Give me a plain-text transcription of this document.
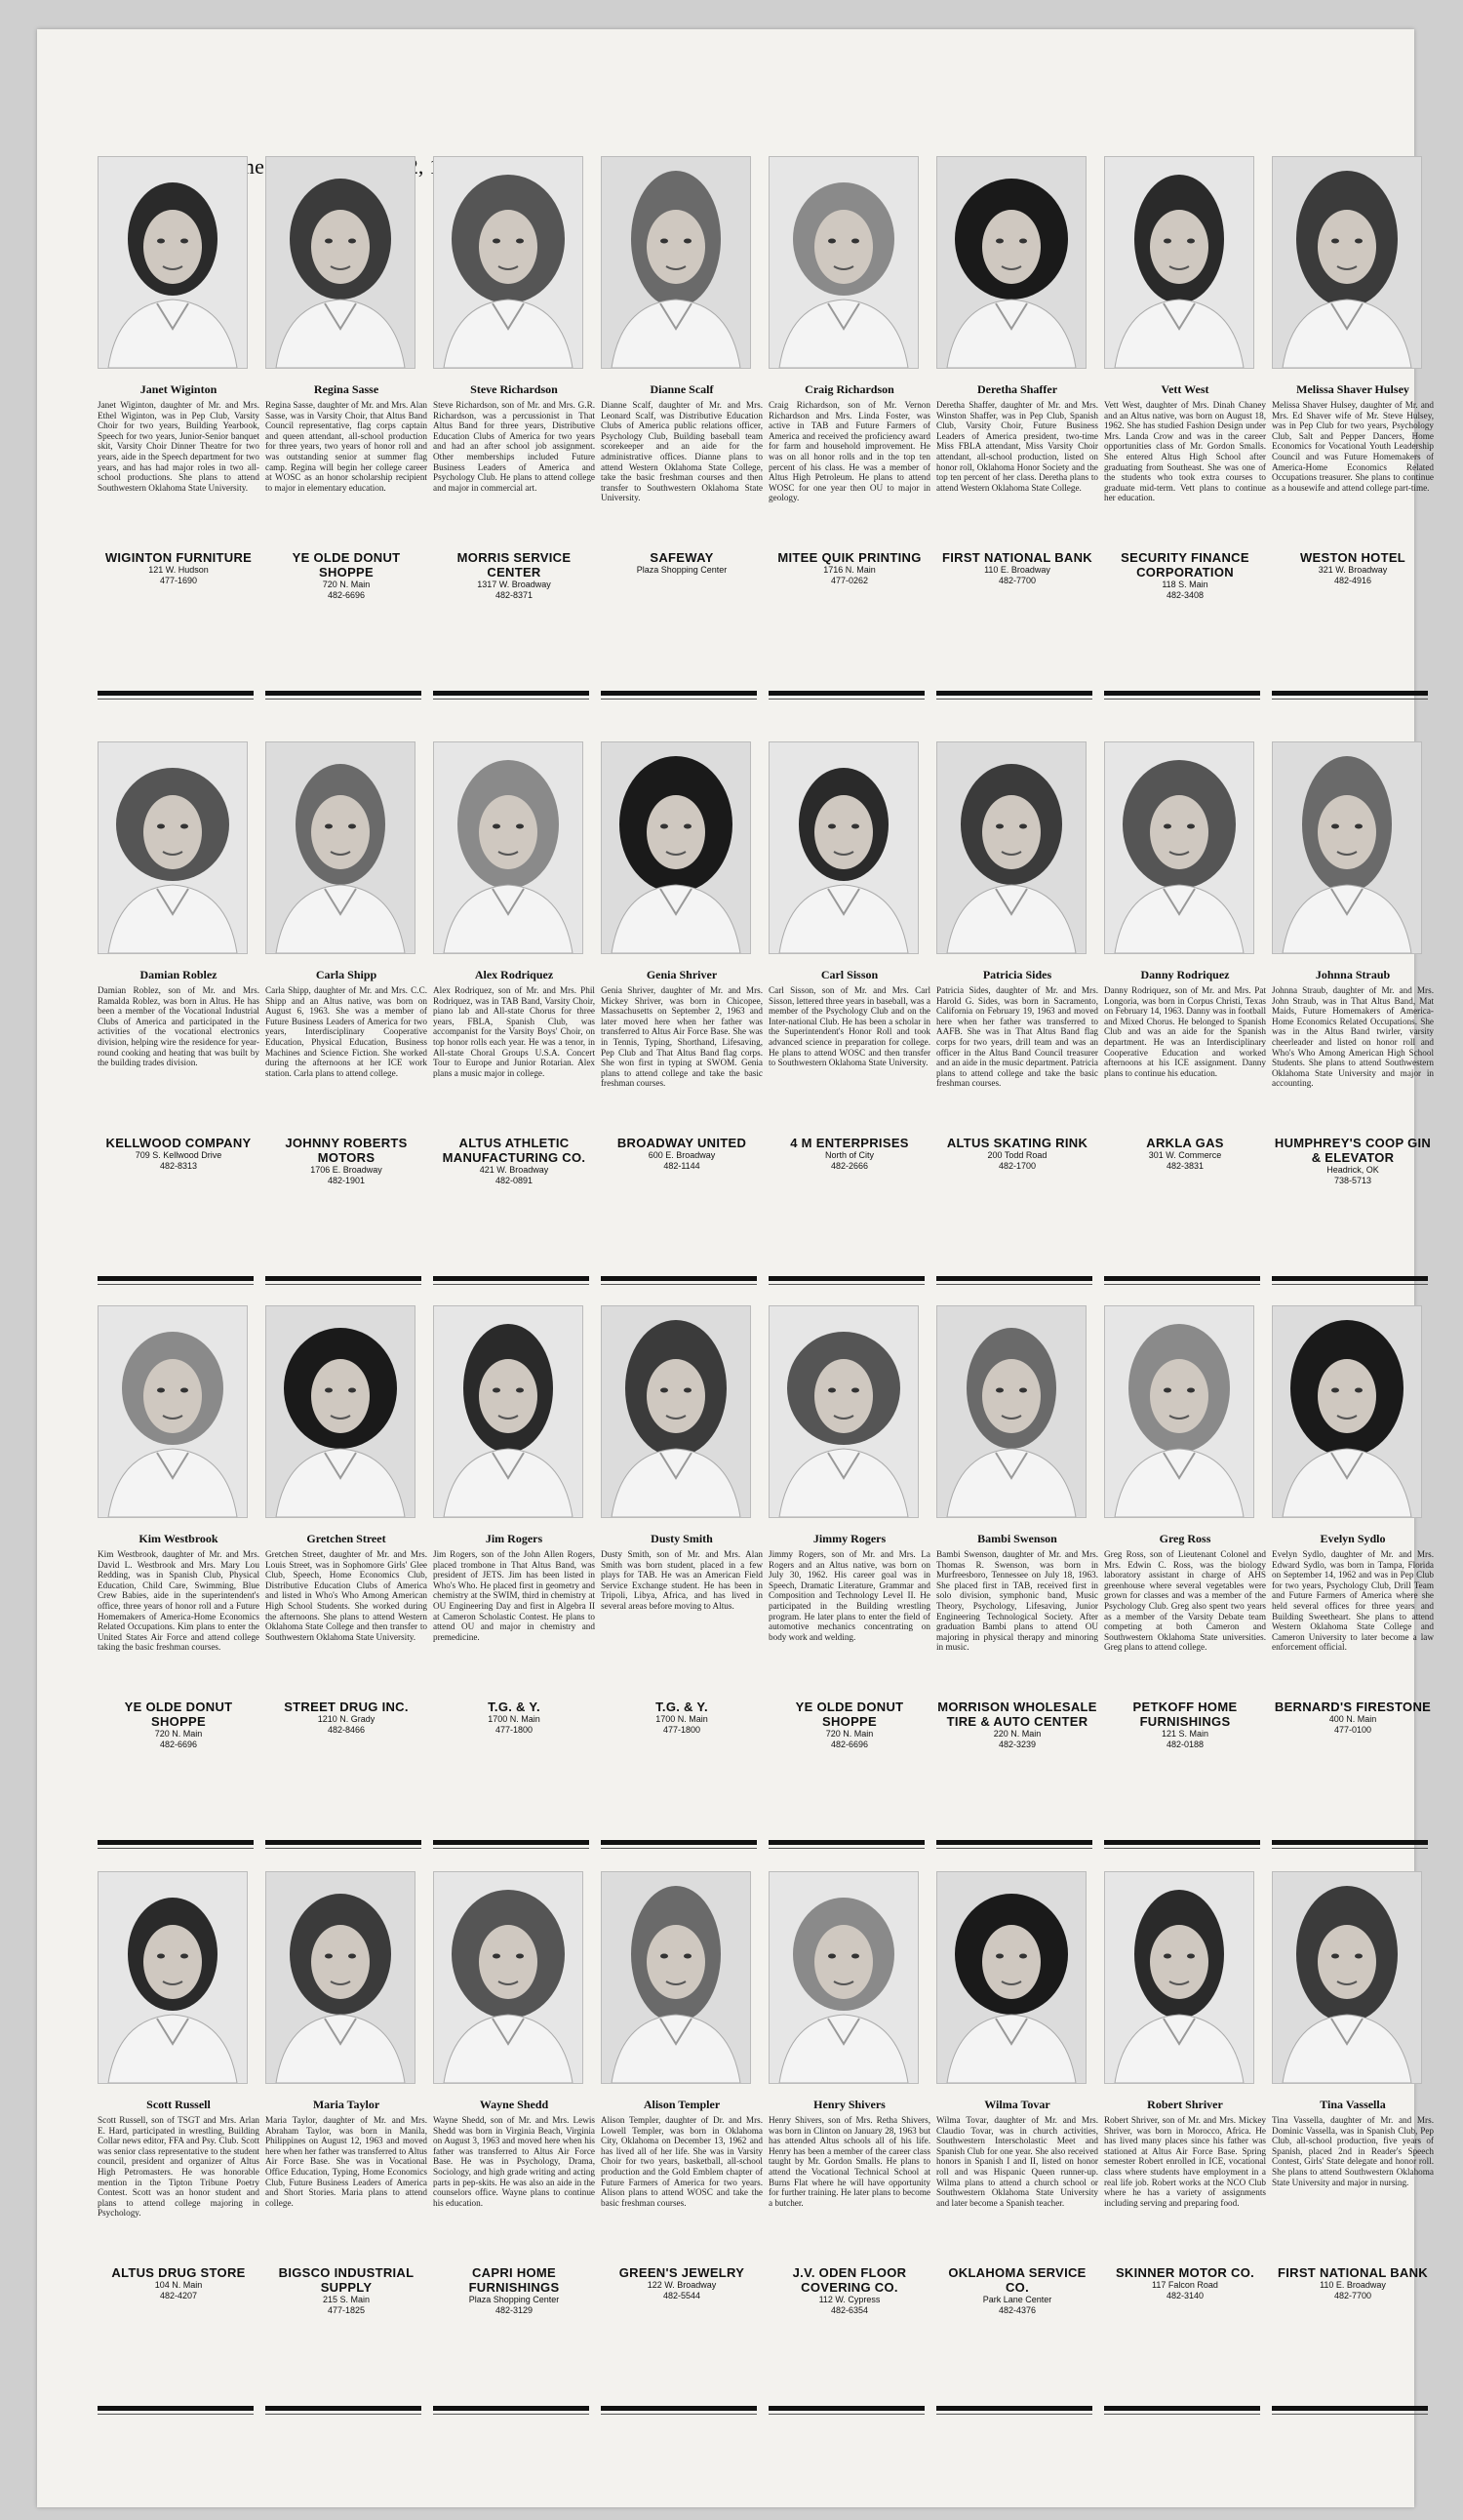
Times,
Janet Wiginton
Janet Wiginton, daughter of Mr. and Mrs. Ethel Wiginton, was in Pep Club, Varsity Choir for two years, Building Yearbook, Speech for two years, Junior-Senior banquet skit, Varsity Choir Dinner Theatre for two years, aide in the Speech department for two years, and has had major roles in two all-school productions. She plans to attend Southwestern Oklahoma State University.
WIGINTON FURNITURE
121 W. Hudson
477-1690
Regina Sasse
Regina Sasse, daughter of Mr. and Mrs. Alan Sasse, was in Varsity Choir, that Altus Band Council representative, flag corps captain and queen attendant, all-school production for three years, two years of honor roll and was outstanding senior at summer flag camp. Regina will begin her college career at WOSC as an honor scholarship recipient to major in elementary education.
YE OLDE DONUT SHOPPE
720 N. Main
482-6696
Steve Richardson
Steve Richardson, son of Mr. and Mrs. G.R. Richardson, was a percussionist in That Altus Band for three years, Distributive Education Clubs of America for two years and had an after school job assignment. Other memberships included Future Business Leaders of America and Psychology Club. He plans to attend college and major in commercial art.
MORRIS SERVICE CENTER
1317 W. Broadway
482-8371
Dianne Scalf
Dianne Scalf, daughter of Mr. and Mrs. Leonard Scalf, was Distributive Education Clubs of America public relations officer, Psychology Club, Building baseball team scorekeeper and an aide for the administrative offices. Dianne plans to attend Western Oklahoma State College, take the basic freshman courses and then transfer to Southwestern Oklahoma State University.
SAFEWAY
Plaza Shopping Center
Craig Richardson
Craig Richardson, son of Mr. Vernon Richardson and Mrs. Linda Foster, was active in TAB and Future Farmers of America and received the proficiency award for farm and household improvement. He was on all honor rolls and in the top ten percent of his class. He was a member of Altus High Petroleum. He plans to attend WOSC for one year then OU to major in geology.
MITEE QUIK PRINTING
1716 N. Main
477-0262
Deretha Shaffer
Deretha Shaffer, daughter of Mr. and Mrs. Winston Shaffer, was in Pep Club, Spanish Club, Varsity Choir, Future Business Leaders of America president, two-time Miss FBLA attendant, Miss Varsity Choir attendant, all-school production, listed on honor roll, Oklahoma Honor Society and the top ten percent of her class. Deretha plans to attend Western Oklahoma State College.
FIRST NATIONAL BANK
110 E. Broadway
482-7700
Vett West
Vett West, daughter of Mrs. Dinah Chaney and an Altus native, was born on August 18, 1962. She has studied Fashion Design under Mrs. Landa Crow and was in the career opportunities class of Mr. Gordon Smalls. She entered Altus High School after graduating from Southeast. She was one of the students who took extra courses to graduate mid-term. Vett plans to continue her education.
SECURITY FINANCE CORPORATION
118 S. Main
482-3408
Melissa Shaver Hulsey
Melissa Shaver Hulsey, daughter of Mr. and Mrs. Ed Shaver wife of Mr. Steve Hulsey, was in Pep Club for two years, Psychology Club, Salt and Pepper Dancers, Home Economics for Vocational Youth Leadership Council and was Future Homemakers of America-Home Economics Related Occupations treasurer. She plans to continue as a housewife and attend college part-time.
WESTON HOTEL
321 W. Broadway
482-4916
Damian Roblez
Damian Roblez, son of Mr. and Mrs. Ramalda Roblez, was born in Altus. He has been a member of the Vocational Industrial Clubs of America and participated in the activities of the vocational electronics division, helping wire the residence for year-round cooking and heating that was built by the building trades division.
KELLWOOD COMPANY
709 S. Kellwood Drive
482-8313
Carla Shipp
Carla Shipp, daughter of Mr. and Mrs. C.C. Shipp and an Altus native, was born on August 6, 1963. She was a member of Future Business Leaders of America for two years, Interdisciplinary Cooperative Education, Physical Education, Business Machines and Science Fiction. She worked during the afternoons at her ICE work station. Carla plans to attend college.
JOHNNY ROBERTS MOTORS
1706 E. Broadway
482-1901
Alex Rodriquez
Alex Rodriquez, son of Mr. and Mrs. Phil Rodriquez, was in TAB Band, Varsity Choir, piano lab and All-state Chorus for three years, FBLA, Spanish Club, was accompanist for the Varsity Boys' Choir, on top honor rolls each year. He was a tenor, in All-state Choral Groups U.S.A. Concert Tour to Europe and Junior Rotarian. Alex plans a music major in college.
ALTUS ATHLETIC MANUFACTURING CO.
421 W. Broadway
482-0891
Genia Shriver
Genia Shriver, daughter of Mr. and Mrs. Mickey Shriver, was born in Chicopee, Massachusetts on September 2, 1963 and later moved here when her father was transferred to Altus Air Force Base. She was in Tennis, Typing, Shorthand, Lifesaving, Pep Club and That Altus Band flag corps. She won first in typing at SWOM. Genia plans to attend college and take the basic freshman courses.
BROADWAY UNITED
600 E. Broadway
482-1144
Carl Sisson
Carl Sisson, son of Mr. and Mrs. Carl Sisson, lettered three years in baseball, was a member of the Psychology Club and on the Inter-national Club. He has been a scholar in the Superintendent's Honor Roll and took advanced science in preparation for college. He plans to attend WOSC and then transfer to Southwestern Oklahoma State University.
4 M ENTERPRISES
North of City
482-2666
Patricia Sides
Patricia Sides, daughter of Mr. and Mrs. Harold G. Sides, was born in Sacramento, California on February 19, 1963 and moved here when her father was transferred to AAFB. She was in That Altus Band flag corps for two years, drill team and was an officer in the Altus Band Council treasurer and an aide in the music department. Patricia plans to attend college and take the basic freshman courses.
ALTUS SKATING RINK
200 Todd Road
482-1700
Danny Rodriquez
Danny Rodriquez, son of Mr. and Mrs. Pat Longoria, was born in Corpus Christi, Texas on February 14, 1963. Danny was in football and Mixed Chorus. He belonged to Spanish Club and was an aide for the Spanish department. He was an Interdisciplinary Cooperative Education and worked afternoons at his ICE assignment. Danny plans to continue his education.
ARKLA GAS
301 W. Commerce
482-3831
Johnna Straub
Johnna Straub, daughter of Mr. and Mrs. John Straub, was in That Altus Band, Mat Maids, Future Homemakers of America-Home Economics Related Occupations. She was in the Altus Band twirler, varsity cheerleader and listed on honor roll and Who's Who Among American High School Students. She plans to attend Southwestern Oklahoma State University and major in accounting.
HUMPHREY'S COOP GIN & ELEVATOR
Headrick, OK
738-5713
Kim Westbrook
Kim Westbrook, daughter of Mr. and Mrs. David L. Westbrook and Mrs. Mary Lou Redding, was in Spanish Club, Physical Education, Child Care, Swimming, Blue Crew Babies, aide in the superintendent's office, three years of honor roll and a Future Homemakers of America-Home Economics Related Occupations. Kim plans to enter the United States Air Force and attend college taking the basic freshman courses.
YE OLDE DONUT SHOPPE
720 N. Main
482-6696
Gretchen Street
Gretchen Street, daughter of Mr. and Mrs. Louis Street, was in Sophomore Girls' Glee Club, Speech, Home Economics Club, Distributive Education Clubs of America and listed in Who's Who Among American High School Students. She worked during the afternoons. She plans to attend Western Oklahoma State College and then transfer to Southwestern Oklahoma State University.
STREET DRUG INC.
1210 N. Grady
482-8466
Jim Rogers
Jim Rogers, son of the John Allen Rogers, placed trombone in That Altus Band, was president of JETS. Jim has been listed in Who's Who. He placed first in geometry and chemistry at the SWIM, third in chemistry at OU Engineering Day and first in Algebra II at Cameron Scholastic Contest. He plans to attend OU and major in chemistry and premedicine.
T.G. & Y.
1700 N. Main
477-1800
Dusty Smith
Dusty Smith, son of Mr. and Mrs. Alan Smith was born student, placed in a few plays for TAB. He was an American Field Service Exchange student. He has been in Tripoli, Libya, Africa, and has lived in several areas before moving to Altus.
T.G. & Y.
1700 N. Main
477-1800
Jimmy Rogers
Jimmy Rogers, son of Mr. and Mrs. La Rogers and an Altus native, was born on July 30, 1962. His career goal was in Speech, Dramatic Literature, Grammar and Composition and Technology Level II. He participated in the Building wrestling program. He later plans to enter the field of automotive mechanics concentrating on body work and welding.
YE OLDE DONUT SHOPPE
720 N. Main
482-6696
Bambi Swenson
Bambi Swenson, daughter of Mr. and Mrs. Thomas R. Swenson, was born in Murfreesboro, Tennessee on July 18, 1963. She placed first in TAB, received first in solo division, symphonic band, Music Theory, Psychology, Lifesaving, Junior Engineering Technological Society. After graduation Bambi plans to attend OU majoring in physical therapy and minoring in music.
MORRISON WHOLESALE TIRE & AUTO CENTER
220 N. Main
482-3239
Greg Ross
Greg Ross, son of Lieutenant Colonel and Mrs. Edwin C. Ross, was the biology laboratory assistant in charge of AHS greenhouse where several vegetables were grown for classes and was a member of the Psychology Club. Greg also spent two years as a member of the Varsity Debate team competing at both Cameron and Southwestern Oklahoma State universities. Greg plans to attend college.
PETKOFF HOME FURNISHINGS
121 S. Main
482-0188
Evelyn Sydlo
Evelyn Sydlo, daughter of Mr. and Mrs. Edward Sydlo, was born in Tampa, Florida on September 14, 1962 and was in Pep Club for two years, Psychology Club, Drill Team and Future Farmers of America where she held several offices for three years and Building Sweetheart. She plans to attend Western Oklahoma State College and Cameron University to later become a law enforcement official.
BERNARD'S FIRESTONE
400 N. Main
477-0100
Scott Russell
Scott Russell, son of TSGT and Mrs. Arlan E. Hard, participated in wrestling, Building Collar news editor, FFA and Psy. Club. Scott was senior class representative to the student council, president and organizer of Altus High Petromasters. He was honorable mention in the Tipton Tribune Poetry Contest. Scott was an honor student and plans to attend college majoring in Psychology.
ALTUS DRUG STORE
104 N. Main
482-4207
Maria Taylor
Maria Taylor, daughter of Mr. and Mrs. Abraham Taylor, was born in Manila, Philippines on August 12, 1963 and moved here when her father was transferred to Altus Air Force Base. She was in Vocational Office Education, Typing, Home Economics Club, Future Business Leaders of America and Short Stories. Maria plans to attend college.
BIGSCO INDUSTRIAL SUPPLY
215 S. Main
477-1825
Wayne Shedd
Wayne Shedd, son of Mr. and Mrs. Lewis Shedd was born in Virginia Beach, Virginia on August 3, 1963 and moved here when his father was transferred to Altus Air Force Base. He was in Psychology, Drama, Sociology, and high grade writing and acting parts in pep-skits. He was also an aide in the counselors office. Wayne plans to continue his education.
CAPRI HOME FURNISHINGS
Plaza Shopping Center
482-3129
Alison Templer
Alison Templer, daughter of Dr. and Mrs. Lowell Templer, was born in Oklahoma City, Oklahoma on December 13, 1962 and has lived all of her life. She was in Varsity Choir for two years, basketball, all-school production and the Gold Emblem chapter of Future Farmers of America for two years. Alison plans to attend WOSC and take the basic freshman courses.
GREEN'S JEWELRY
122 W. Broadway
482-5544
Henry Shivers
Henry Shivers, son of Mrs. Retha Shivers, was born in Clinton on January 28, 1963 but has attended Altus schools all of his life. Henry has been a member of the career class taught by Mr. Gordon Smalls. He plans to attend the Vocational Technical School at Burns Flat where he will have opportunity for further training. He later plans to become a butcher.
J.V. ODEN FLOOR COVERING CO.
112 W. Cypress
482-6354
Wilma Tovar
Wilma Tovar, daughter of Mr. and Mrs. Claudio Tovar, was in church activities, Southwestern Interscholastic Meet and Spanish Club for one year. She also received honors in Spanish I and II, listed on honor roll and was Hispanic Queen runner-up. Wilma plans to attend a church school or Southwestern Oklahoma State University and later become a Spanish teacher.
OKLAHOMA SERVICE CO.
Park Lane Center
482-4376
Robert Shriver
Robert Shriver, son of Mr. and Mrs. Mickey Shriver, was born in Morocco, Africa. He has lived many places since his father was stationed at Altus Air Force Base. Spring semester Robert enrolled in ICE, vocational class where students have employment in a real life job. Robert works at the NCO Club where he has a variety of assignments including serving and preparing food.
SKINNER MOTOR CO.
117 Falcon Road
482-3140
Tina Vassella
Tina Vassella, daughter of Mr. and Mrs. Dominic Vassella, was in Spanish Club, Pep Club, all-school production, five years of Spanish, placed 2nd in Reader's Speech Contest, Girls' State delegate and honor roll. She plans to attend Southwestern Oklahoma State University and major in nursing.
FIRST NATIONAL BANK
110 E. Broadway
482-7700
